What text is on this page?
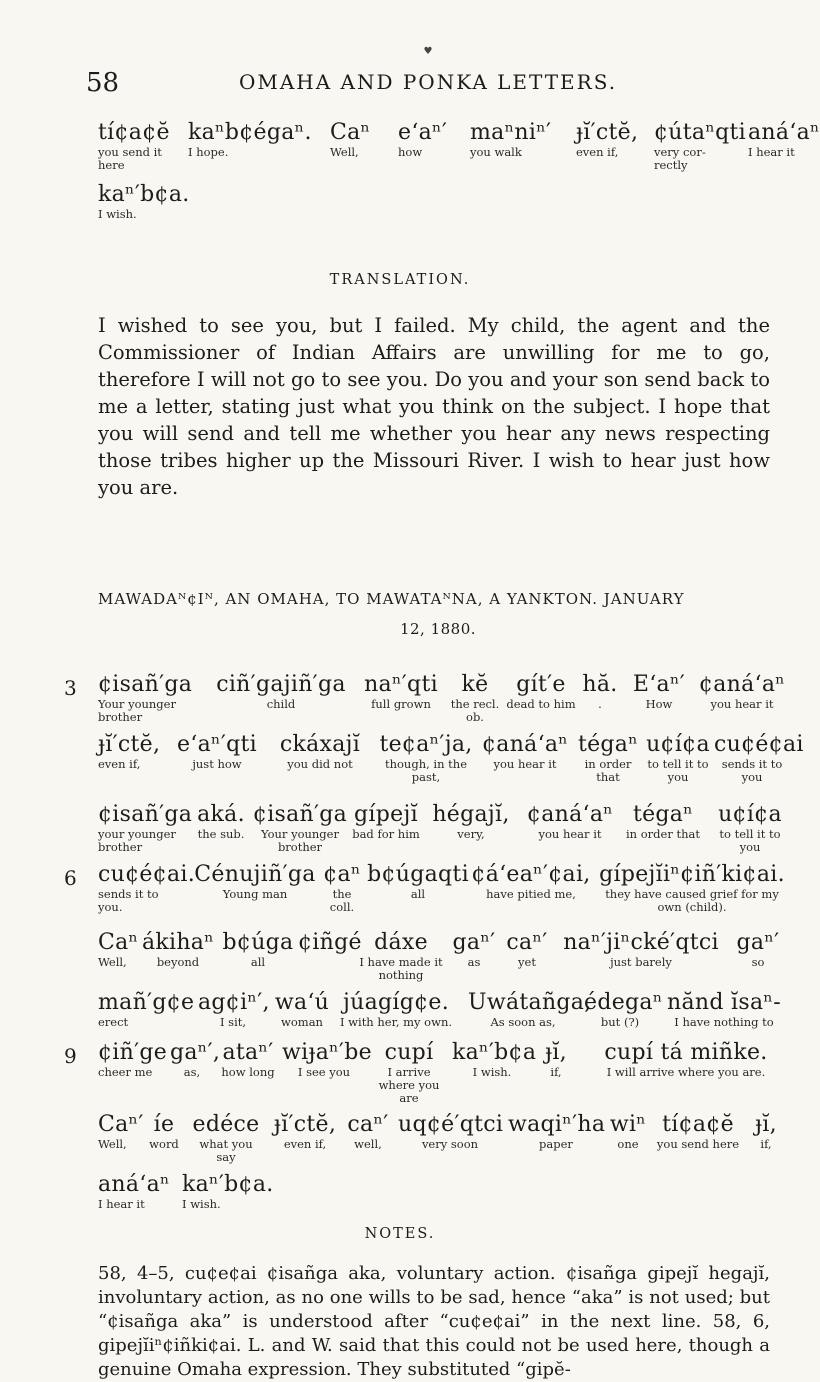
♥
58	OMAHA AND PONKA LETTERS.
tí¢a¢ĕ
you send it here
kaⁿb¢égaⁿ.
I hope.
Caⁿ
Well,
eʻaⁿ′
how
maⁿniⁿ′
you walk
ɟĭ′ctĕ,
even if,
¢útaⁿqti
very cor- rectly
anáʻaⁿ
I hear it
kaⁿ′b¢a.
I wish.
TRANSLATION.
I wished to see you, but I failed. My child, the agent and the Commissioner of Indian Affairs are unwilling for me to go, therefore I will not go to see you. Do you and your son send back to me a letter, stating just what you think on the subject. I hope that you will send and tell me whether you hear any news respecting those tribes higher up the Missouri River. I wish to hear just how you are.
MAWADAᴺ¢Iᴺ, AN OMAHA, TO MAWATAᴺNA, A YANKTON. JANUARY
12, 1880.
3
6
9
¢isañ′ga
Your younger brother
ciñ′gajiñ′ga
child
naⁿ′qti
full grown
kĕ
the recl. ob.
gít′e
dead to him
hă.
.
Eʻaⁿ′
How
¢anáʻaⁿ
you hear it
ɟĭ′ctĕ,
even if,
eʻaⁿ′qti
just how
ckáxajĭ
you did not
te¢aⁿ′ja,
though, in the past,
¢anáʻaⁿ
you hear it
tégaⁿ
in order that
u¢í¢a
to tell it to you
cu¢é¢ai
sends it to you
¢isañ′ga
your younger brother
aká.
the sub.
¢isañ′ga
Your younger brother
gípejĭ
bad for him
hégajĭ,
very,
¢anáʻaⁿ
you hear it
tégaⁿ
in order that
u¢í¢a
to tell it to you
cu¢é¢ai.
sends it to you.
Cénujiñ′ga
Young man
¢aⁿ
the coll.
b¢úgaqti
all
¢áʻeaⁿ′¢ai,
have pitied me,
gípejĭiⁿ¢iñ′ki¢ai.
they have caused grief for my own (child).
Caⁿ
Well,
ákihaⁿ
beyond
b¢úga
all
¢iñgé dáxe
I have made it nothing
gaⁿ′
as
caⁿ′
yet
naⁿ′jiⁿcké′qtci
just barely
gaⁿ′
so
mañ′g¢e
erect
ag¢iⁿ′,
I sit,
waʻú
woman
júagíg¢e.
I with her, my own.
Uwátañga,
As soon as,
édegaⁿ
but (?)
nănd ĭsaⁿ-
I have nothing to
¢iñ′ge
cheer me
gaⁿ′,
as,
ataⁿ′
how long
wiɟaⁿ′be
I see you
cupí
I arrive where you are
kaⁿ′b¢a
I wish.
ɟĭ,
if,
cupí tá miñke.
I will arrive where you are.
Caⁿ′
Well,
íe
word
edéce
what you say
ɟĭ′ctĕ,
even if,
caⁿ′
well,
uq¢é′qtci
very soon
waqiⁿ′ha
paper
wiⁿ
one
tí¢a¢ĕ
you send here
ɟĭ,
if,
anáʻaⁿ
I hear it
kaⁿ′b¢a.
I wish.
NOTES.
58, 4–5, cu¢e¢ai ¢isañga aka, voluntary action. ¢isañga gipejĭ hegajĭ, involuntary action, as no one wills to be sad, hence “aka” is not used; but “¢isañga aka” is understood after “cu¢e¢ai” in the next line. 58, 6, gipejĭiⁿ¢iñki¢ai. L. and W. said that this could not be used here, though a genuine Omaha expression. They substituted “gipĕ-
